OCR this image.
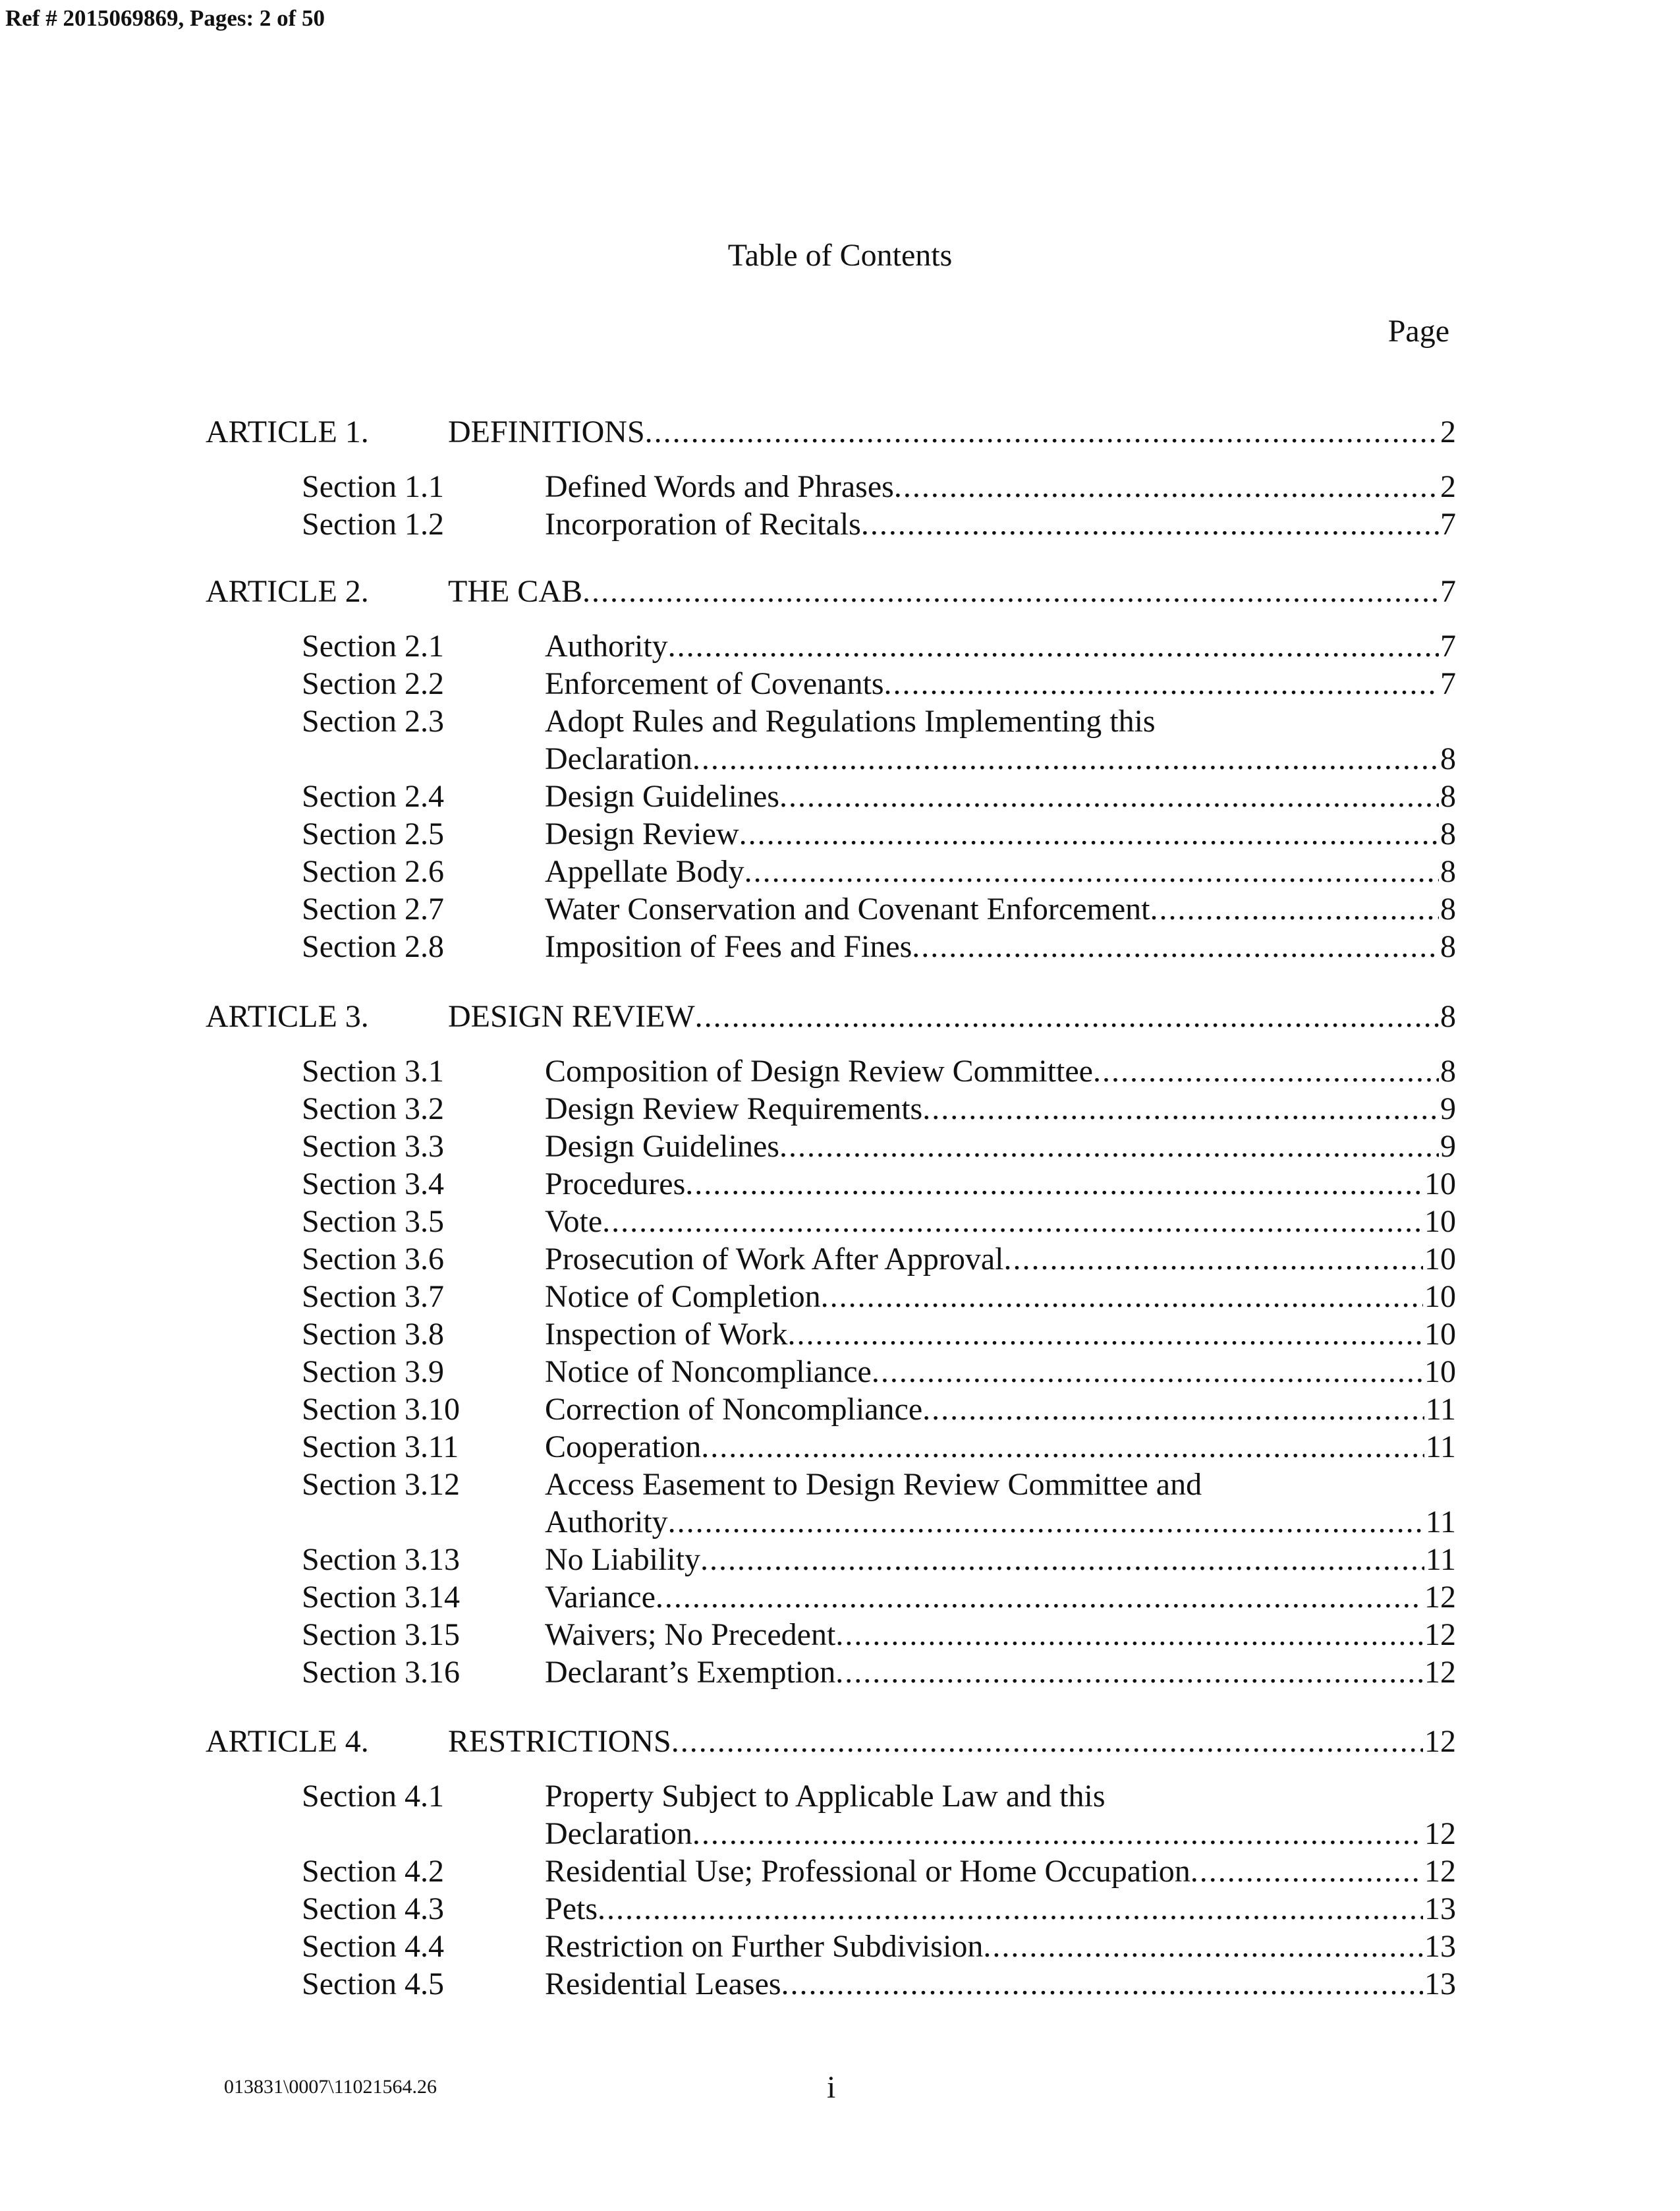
Ref # 2015069869, Pages: 2 of 50
Table of Contents
Page
ARTICLE 1.	DEFINITIONS .....	2
Section 1.1	Defined Words and Phrases .....	2
Section 1.2	Incorporation of Recitals .....	7
ARTICLE 2.	THE CAB .....	7
Section 2.1	Authority .....	7
Section 2.2	Enforcement of Covenants .....	7
Section 2.3	Adopt Rules and Regulations Implementing this
Declaration .....	8
Section 2.4	Design Guidelines .....	8
Section 2.5	Design Review .....	8
Section 2.6	Appellate Body .....	8
Section 2.7	Water Conservation and Covenant Enforcement .....	8
Section 2.8	Imposition of Fees and Fines .....	8
ARTICLE 3.	DESIGN REVIEW .....	8
Section 3.1	Composition of Design Review Committee .....	8
Section 3.2	Design Review Requirements .....	9
Section 3.3	Design Guidelines .....	9
Section 3.4	Procedures .....	10
Section 3.5	Vote .....	10
Section 3.6	Prosecution of Work After Approval .....	10
Section 3.7	Notice of Completion .....	10
Section 3.8	Inspection of Work .....	10
Section 3.9	Notice of Noncompliance .....	10
Section 3.10	Correction of Noncompliance .....	11
Section 3.11	Cooperation .....	11
Section 3.12	Access Easement to Design Review Committee and
Authority .....	11
Section 3.13	No Liability .....	11
Section 3.14	Variance .....	12
Section 3.15	Waivers; No Precedent .....	12
Section 3.16	Declarant’s Exemption .....	12
ARTICLE 4.	RESTRICTIONS .....	12
Section 4.1	Property Subject to Applicable Law and this
Declaration .....	12
Section 4.2	Residential Use; Professional or Home Occupation .....	12
Section 4.3	Pets .....	13
Section 4.4	Restriction on Further Subdivision .....	13
Section 4.5	Residential Leases .....	13
013831\0007\11021564.26	i
